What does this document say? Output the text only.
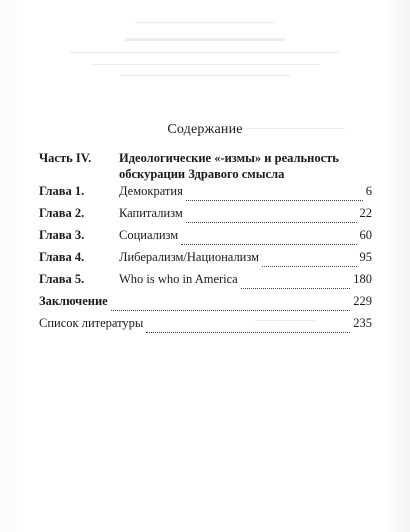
Содержание
Часть IV. Идеологические «-измы» и реальность
обскурации Здравого смысла
Глава 1.	Демократия	6
Глава 2.	Капитализм	22
Глава 3.	Социализм	60
Глава 4.	Либерализм/Национализм	95
Глава 5.	Who is who in America	180
Заключение	229
Список литературы	235
